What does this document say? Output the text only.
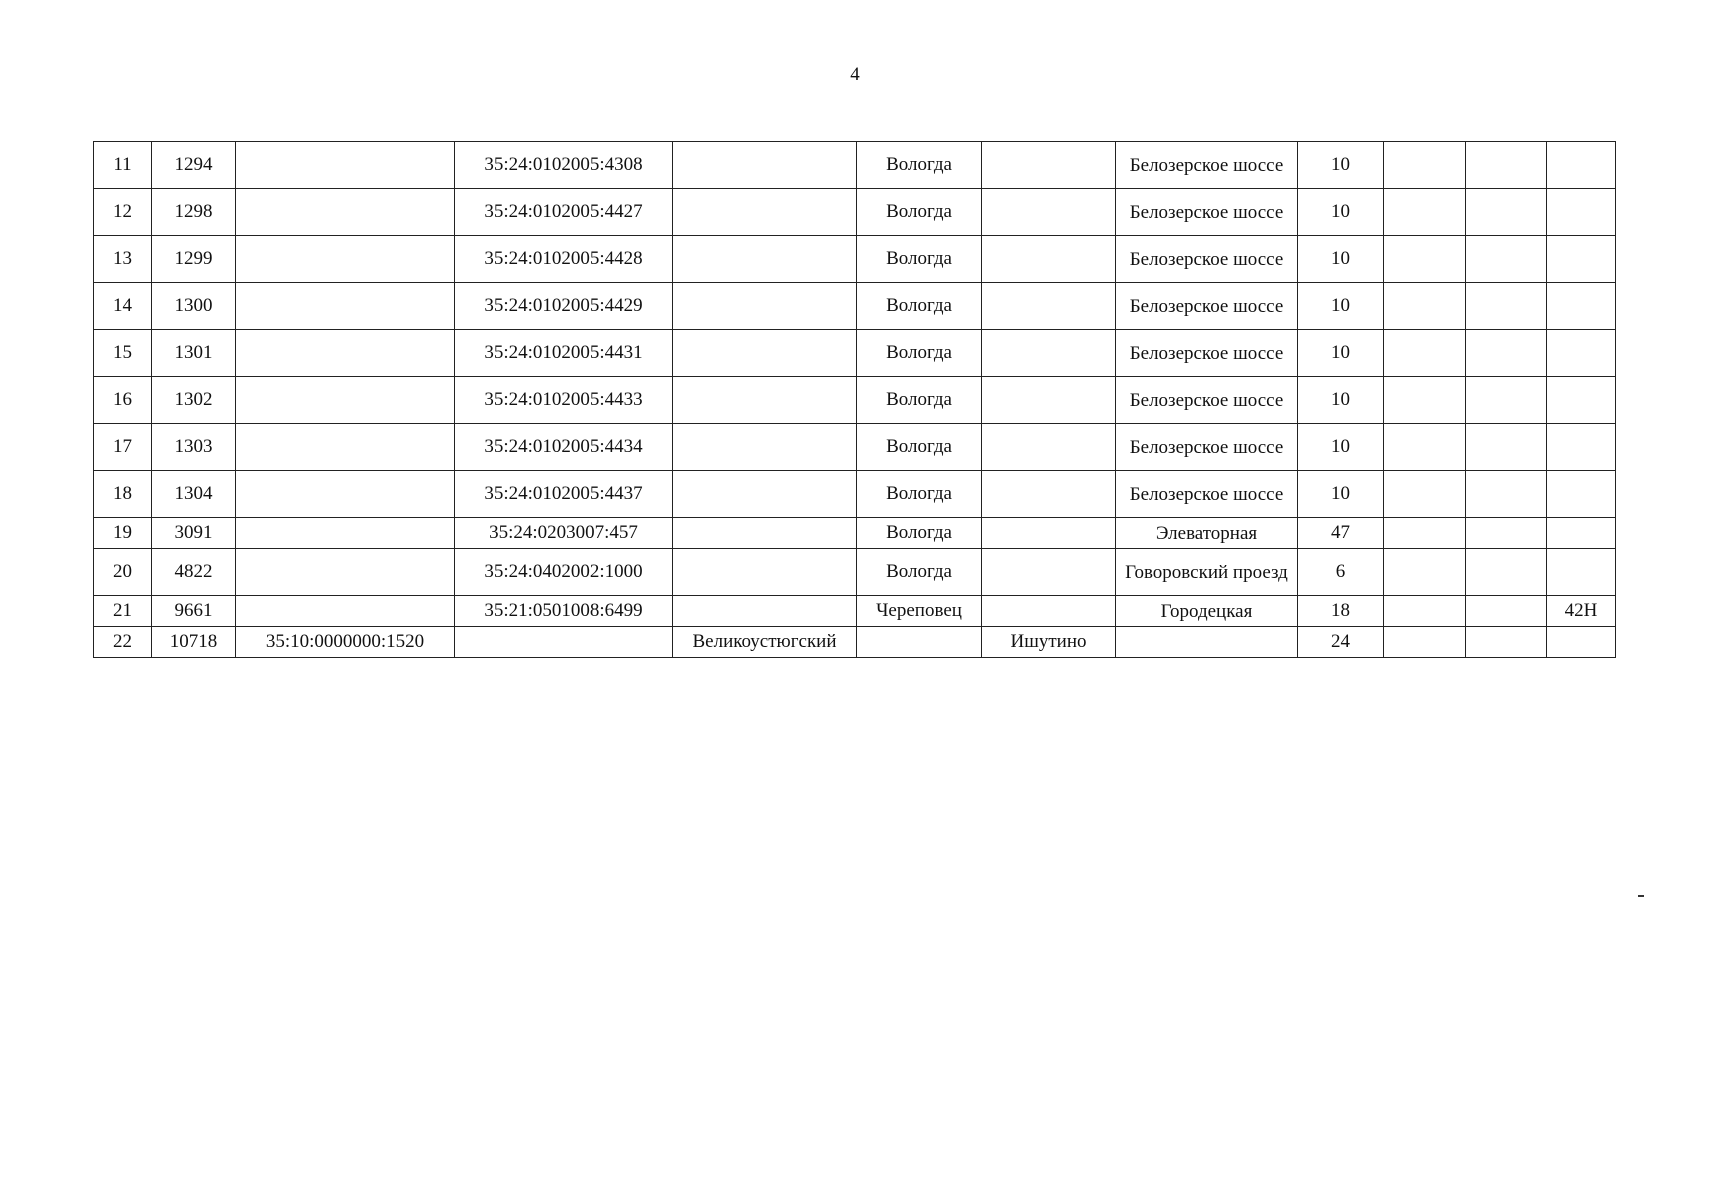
4
11	1294		35:24:0102005:4308		Вологда		Белозерское шоссе	10			
12	1298		35:24:0102005:4427		Вологда		Белозерское шоссе	10			
13	1299		35:24:0102005:4428		Вологда		Белозерское шоссе	10			
14	1300		35:24:0102005:4429		Вологда		Белозерское шоссе	10			
15	1301		35:24:0102005:4431		Вологда		Белозерское шоссе	10			
16	1302		35:24:0102005:4433		Вологда		Белозерское шоссе	10			
17	1303		35:24:0102005:4434		Вологда		Белозерское шоссе	10			
18	1304		35:24:0102005:4437		Вологда		Белозерское шоссе	10			
19	3091		35:24:0203007:457		Вологда		Элеваторная	47			
20	4822		35:24:0402002:1000		Вологда		Говоровский проезд	6			
21	9661		35:21:0501008:6499		Череповец		Городецкая	18			42Н
22	10718	35:10:0000000:1520		Великоустюгский		Ишутино		24			
